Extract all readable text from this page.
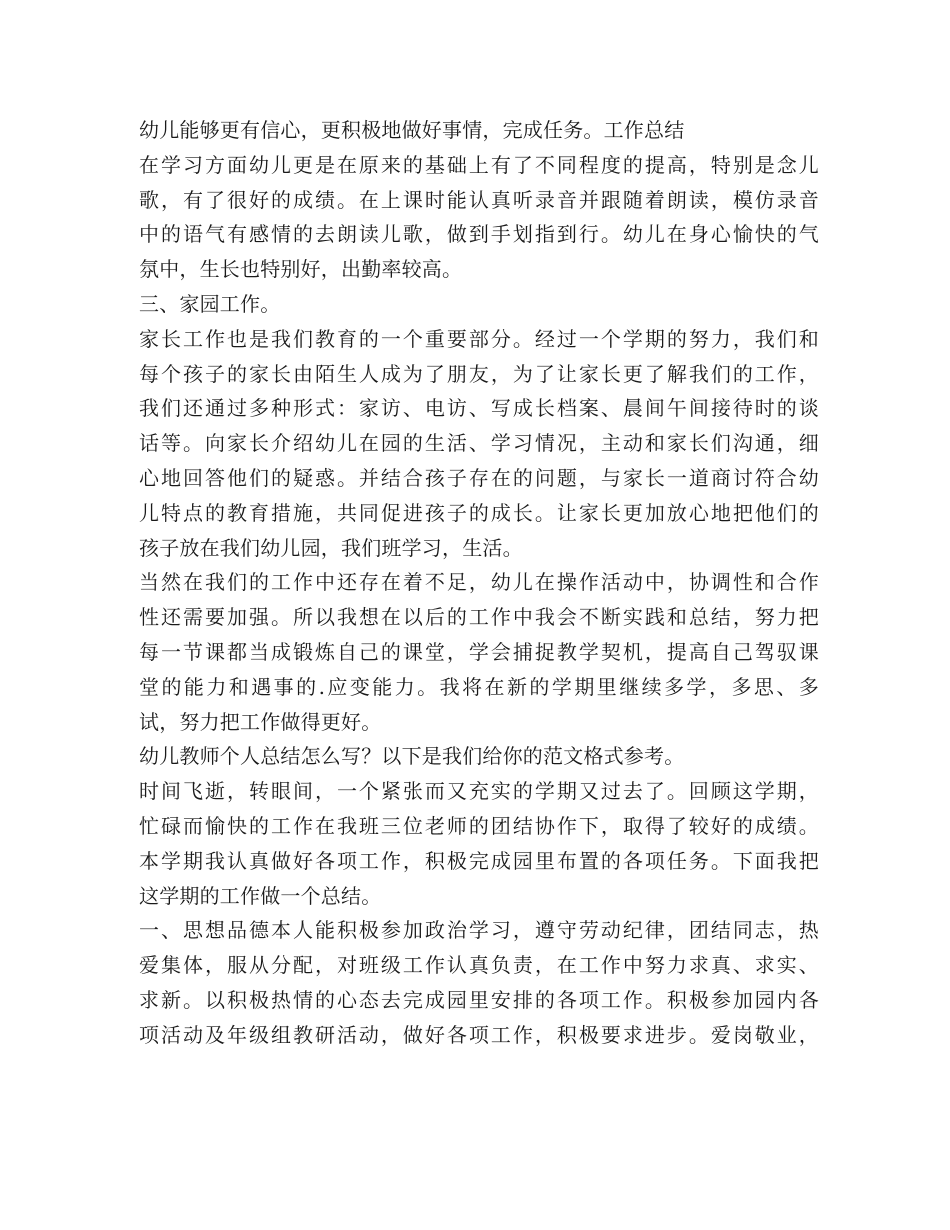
幼儿能够更有信心，更积极地做好事情，完成任务。工作总结
在学习方面幼儿更是在原来的基础上有了不同程度的提高，特别是念儿
歌，有了很好的成绩。在上课时能认真听录音并跟随着朗读，模仿录音
中的语气有感情的去朗读儿歌，做到手划指到行。幼儿在身心愉快的气
氛中，生长也特别好，出勤率较高。
三、家园工作。
家长工作也是我们教育的一个重要部分。经过一个学期的努力，我们和
每个孩子的家长由陌生人成为了朋友，为了让家长更了解我们的工作，
我们还通过多种形式：家访、电访、写成长档案、晨间午间接待时的谈
话等。向家长介绍幼儿在园的生活、学习情况，主动和家长们沟通，细
心地回答他们的疑惑。并结合孩子存在的问题，与家长一道商讨符合幼
儿特点的教育措施，共同促进孩子的成长。让家长更加放心地把他们的
孩子放在我们幼儿园，我们班学习，生活。
当然在我们的工作中还存在着不足，幼儿在操作活动中，协调性和合作
性还需要加强。所以我想在以后的工作中我会不断实践和总结，努力把
每一节课都当成锻炼自己的课堂，学会捕捉教学契机，提高自己驾驭课
堂的能力和遇事的.应变能力。我将在新的学期里继续多学，多思、多
试，努力把工作做得更好。
幼儿教师个人总结怎么写？以下是我们给你的范文格式参考。
时间飞逝，转眼间，一个紧张而又充实的学期又过去了。回顾这学期，
忙碌而愉快的工作在我班三位老师的团结协作下，取得了较好的成绩。
本学期我认真做好各项工作，积极完成园里布置的各项任务。下面我把
这学期的工作做一个总结。
一、思想品德本人能积极参加政治学习，遵守劳动纪律，团结同志，热
爱集体，服从分配，对班级工作认真负责，在工作中努力求真、求实、
求新。以积极热情的心态去完成园里安排的各项工作。积极参加园内各
项活动及年级组教研活动，做好各项工作，积极要求进步。爱岗敬业，
